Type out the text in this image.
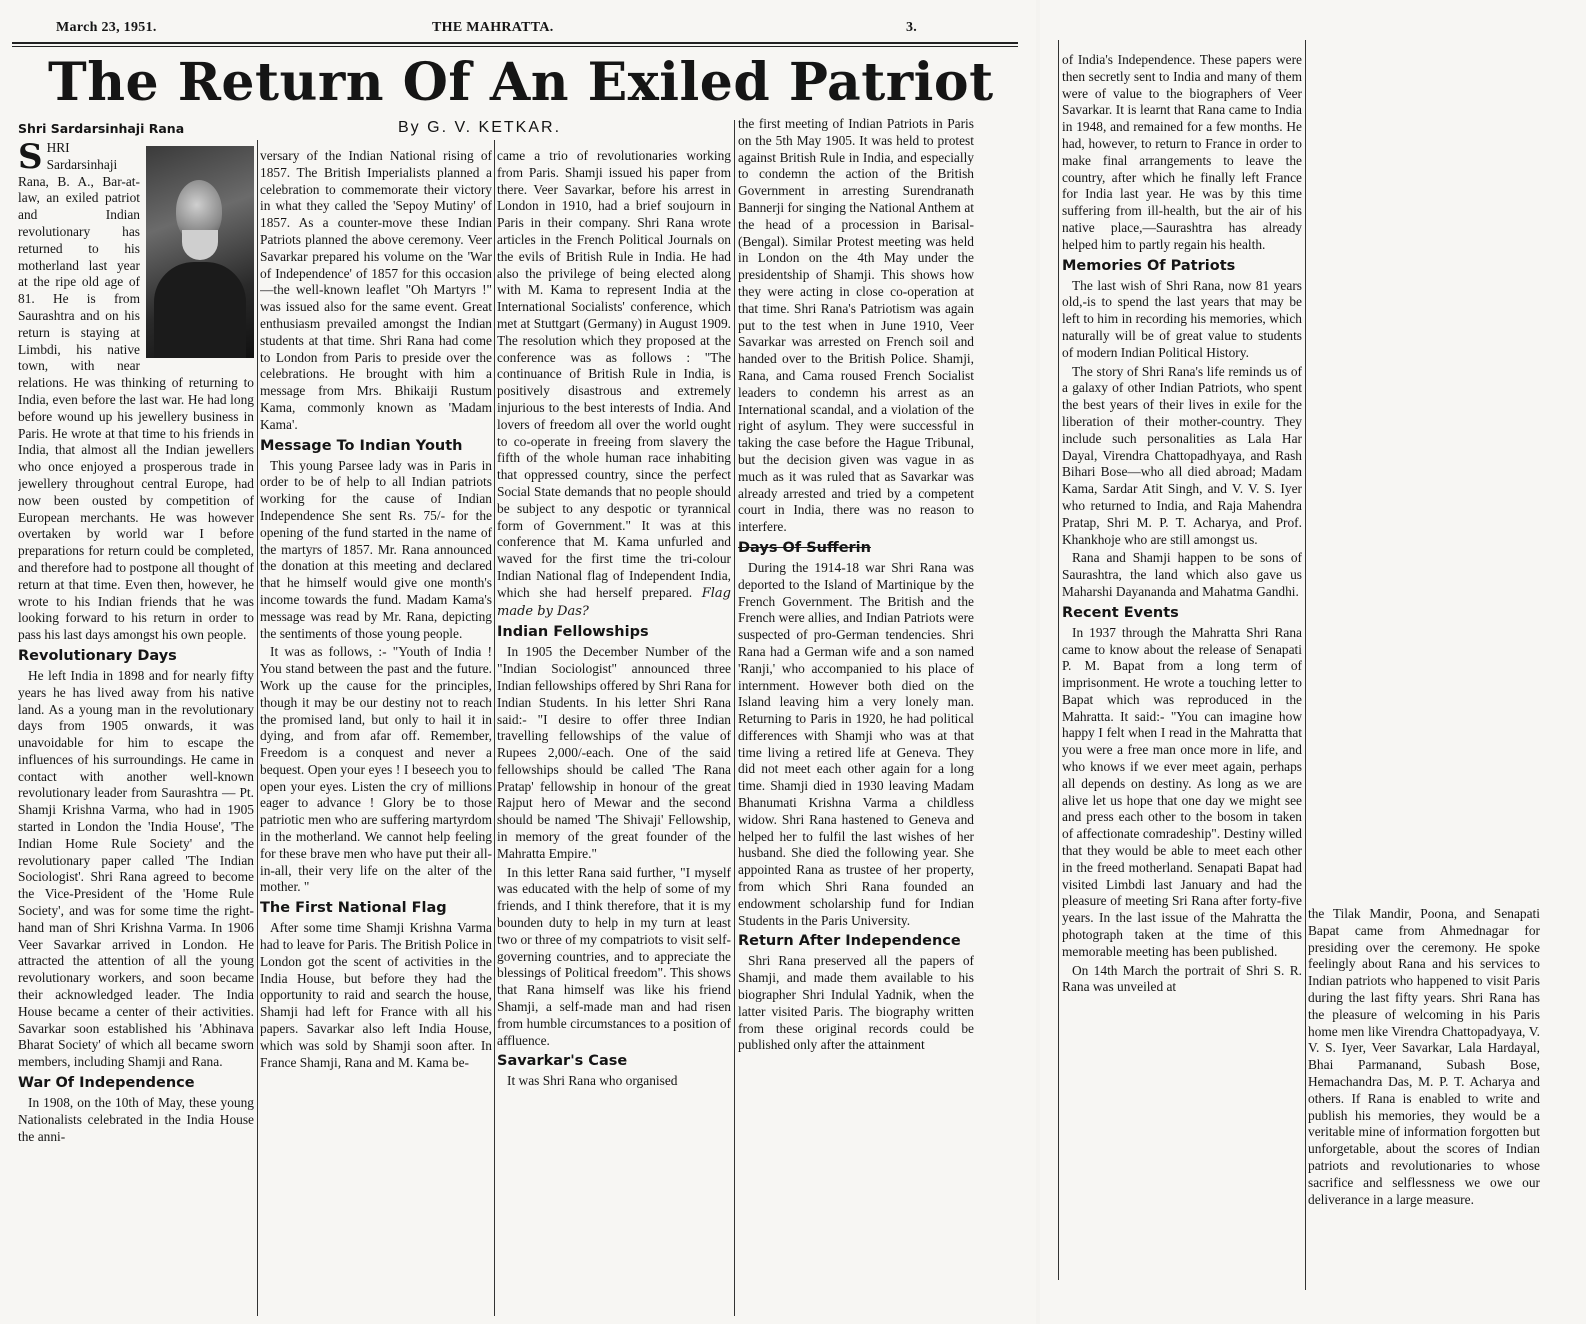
March 23, 1951.	THE MAHRATTA.	3.
The Return Of An Exiled Patriot
By G. V. KETKAR.
Shri Sardarsinhaji Rana

SHRI Sardarsinhaji Rana, B. A., Bar-at-law, an exiled patriot and Indian revolutionary has returned to his motherland last year at the ripe old age of 81. He is from Saurashtra and on his return is staying at Limbdi, his native town, with near relations. He was thinking of returning to India, even before the last war. He had long before wound up his jewellery business in Paris. He wrote at that time to his friends in India, that almost all the Indian jewellers who once enjoyed a prosperous trade in jewellery throughout central Europe, had now been ousted by competition of European merchants. He was however overtaken by world war I before preparations for return could be completed, and therefore had to postpone all thought of return at that time. Even then, however, he wrote to his Indian friends that he was looking forward to his return in order to pass his last days amongst his own people.

Revolutionary Days

He left India in 1898 and for nearly fifty years he has lived away from his native land. As a young man in the revolutionary days from 1905 onwards, it was unavoidable for him to escape the influences of his surroundings. He came in contact with another well-known revolutionary leader from Saurashtra — Pt. Shamji Krishna Varma, who had in 1905 started in London the 'India House', 'The Indian Home Rule Society' and the revolutionary paper called 'The Indian Sociologist'. Shri Rana agreed to become the Vice-President of the 'Home Rule Society', and was for some time the right-hand man of Shri Krishna Varma. In 1906 Veer Savarkar arrived in London. He attracted the attention of all the young revolutionary workers, and soon became their acknowledged leader. The India House became a center of their activities. Savarkar soon established his 'Abhinava Bharat Society' of which all became sworn members, including Shamji and Rana.

War Of Independence

In 1908, on the 10th of May, these young Nationalists celebrated in the India House the anni-

versary of the Indian National rising of 1857. The British Imperialists planned a celebration to commemorate their victory in what they called the 'Sepoy Mutiny' of 1857. As a counter-move these Indian Patriots planned the above ceremony. Veer Savarkar prepared his volume on the 'War of Independence' of 1857 for this occasion—the well-known leaflet "Oh Martyrs !" was issued also for the same event. Great enthusiasm prevailed amongst the Indian students at that time. Shri Rana had come to London from Paris to preside over the celebrations. He brought with him a message from Mrs. Bhikaiji Rustum Kama, commonly known as 'Madam Kama'.

Message To Indian Youth

This young Parsee lady was in Paris in order to be of help to all Indian patriots working for the cause of Indian Independence She sent Rs. 75/- for the opening of the fund started in the name of the martyrs of 1857. Mr. Rana announced the donation at this meeting and declared that he himself would give one month's income towards the fund. Madam Kama's message was read by Mr. Rana, depicting the sentiments of those young people.

It was as follows, :- "Youth of India ! You stand between the past and the future. Work up the cause for the principles, though it may be our destiny not to reach the promised land, but only to hail it in dying, and from afar off. Remember, Freedom is a conquest and never a bequest. Open your eyes ! I beseech you to open your eyes. Listen the cry of millions eager to advance ! Glory be to those patriotic men who are suffering martyrdom in the motherland. We cannot help feeling for these brave men who have put their all-in-all, their very life on the alter of the mother. "

The First National Flag

After some time Shamji Krishna Varma had to leave for Paris. The British Police in London got the scent of activities in the India House, but before they had the opportunity to raid and search the house, Shamji had left for France with all his papers. Savarkar also left India House, which was sold by Shamji soon after. In France Shamji, Rana and M. Kama be-

came a trio of revolutionaries working from Paris. Shamji issued his paper from there. Veer Savarkar, before his arrest in London in 1910, had a brief soujourn in Paris in their company. Shri Rana wrote articles in the French Political Journals on the evils of British Rule in India. He had also the privilege of being elected along with M. Kama to represent India at the International Socialists' conference, which met at Stuttgart (Germany) in August 1909. The resolution which they proposed at the conference was as follows : "The continuance of British Rule in India, is positively disastrous and extremely injurious to the best interests of India. And lovers of freedom all over the world ought to co-operate in freeing from slavery the fifth of the whole human race inhabiting that oppressed country, since the perfect Social State demands that no people should be subject to any despotic or tyrannical form of Government." It was at this conference that M. Kama unfurled and waved for the first time the tri-colour Indian National flag of Independent India, which she had herself prepared. Flag made by Das?

Indian Fellowships

In 1905 the December Number of the "Indian Sociologist" announced three Indian fellowships offered by Shri Rana for Indian Students. In his letter Shri Rana said:- "I desire to offer three Indian travelling fellowships of the value of Rupees 2,000/-each. One of the said fellowships should be called 'The Rana Pratap' fellowship in honour of the great Rajput hero of Mewar and the second should be named 'The Shivaji' Fellowship, in memory of the great founder of the Mahratta Empire."

In this letter Rana said further, "I myself was educated with the help of some of my friends, and I think therefore, that it is my bounden duty to help in my turn at least two or three of my compatriots to visit self-governing countries, and to appreciate the blessings of Political freedom". This shows that Rana himself was like his friend Shamji, a self-made man and had risen from humble circumstances to a position of affluence.

Savarkar's Case

It was Shri Rana who organised

the first meeting of Indian Patriots in Paris on the 5th May 1905. It was held to protest against British Rule in India, and especially to condemn the action of the British Government in arresting Surendranath Bannerji for singing the National Anthem at the head of a procession in Barisal-(Bengal). Similar Protest meeting was held in London on the 4th May under the presidentship of Shamji. This shows how they were acting in close co-operation at that time. Shri Rana's Patriotism was again put to the test when in June 1910, Veer Savarkar was arrested on French soil and handed over to the British Police. Shamji, Rana, and Cama roused French Socialist leaders to condemn his arrest as an International scandal, and a violation of the right of asylum. They were successful in taking the case before the Hague Tribunal, but the decision given was vague in as much as it was ruled that as Savarkar was already arrested and tried by a competent court in India, there was no reason to interfere.

Days Of Sufferin

During the 1914-18 war Shri Rana was deported to the Island of Martinique by the French Government. The British and the French were allies, and Indian Patriots were suspected of pro-German tendencies. Shri Rana had a German wife and a son named 'Ranji,' who accompanied to his place of internment. However both died on the Island leaving him a very lonely man. Returning to Paris in 1920, he had political differences with Shamji who was at that time living a retired life at Geneva. They did not meet each other again for a long time. Shamji died in 1930 leaving Madam Bhanumati Krishna Varma a childless widow. Shri Rana hastened to Geneva and helped her to fulfil the last wishes of her husband. She died the following year. She appointed Rana as trustee of her property, from which Shri Rana founded an endowment scholarship fund for Indian Students in the Paris University.

Return After Independence

Shri Rana preserved all the papers of Shamji, and made them available to his biographer Shri Indulal Yadnik, when the latter visited Paris. The biography written from these original records could be published only after the attainment

of India's Independence. These papers were then secretly sent to India and many of them were of value to the biographers of Veer Savarkar. It is learnt that Rana came to India in 1948, and remained for a few months. He had, however, to return to France in order to make final arrangements to leave the country, after which he finally left France for India last year. He was by this time suffering from ill-health, but the air of his native place,—Saurashtra has already helped him to partly regain his health.

Memories Of Patriots

The last wish of Shri Rana, now 81 years old,-is to spend the last years that may be left to him in recording his memories, which naturally will be of great value to students of modern Indian Political History.

The story of Shri Rana's life reminds us of a galaxy of other Indian Patriots, who spent the best years of their lives in exile for the liberation of their mother-country. They include such personalities as Lala Har Dayal, Virendra Chattopadhyaya, and Rash Bihari Bose—who all died abroad; Madam Kama, Sardar Atit Singh, and V. V. S. Iyer who returned to India, and Raja Mahendra Pratap, Shri M. P. T. Acharya, and Prof. Khankhoje who are still amongst us.

Rana and Shamji happen to be sons of Saurashtra, the land which also gave us Maharshi Dayananda and Mahatma Gandhi.

Recent Events

In 1937 through the Mahratta Shri Rana came to know about the release of Senapati P. M. Bapat from a long term of imprisonment. He wrote a touching letter to Bapat which was reproduced in the Mahratta. It said:- "You can imagine how happy I felt when I read in the Mahratta that you were a free man once more in life, and who knows if we ever meet again, perhaps all depends on destiny. As long as we are alive let us hope that one day we might see and press each other to the bosom in taken of affectionate comradeship". Destiny willed that they would be able to meet each other in the freed motherland. Senapati Bapat had visited Limbdi last January and had the pleasure of meeting Sri Rana after forty-five years. In the last issue of the Mahratta the photograph taken at the time of this memorable meeting has been published.

On 14th March the portrait of Shri S. R. Rana was unveiled at

the Tilak Mandir, Poona, and Senapati Bapat came from Ahmednagar for presiding over the ceremony. He spoke feelingly about Rana and his services to Indian patriots who happened to visit Paris during the last fifty years. Shri Rana has the pleasure of welcoming in his Paris home men like Virendra Chattopadyaya, V. V. S. Iyer, Veer Savarkar, Lala Hardayal, Bhai Parmanand, Subash Bose, Hemachandra Das, M. P. T. Acharya and others. If Rana is enabled to write and publish his memories, they would be a veritable mine of information forgotten but unforgetable, about the scores of Indian patriots and revolutionaries to whose sacrifice and selflessness we owe our deliverance in a large measure.
